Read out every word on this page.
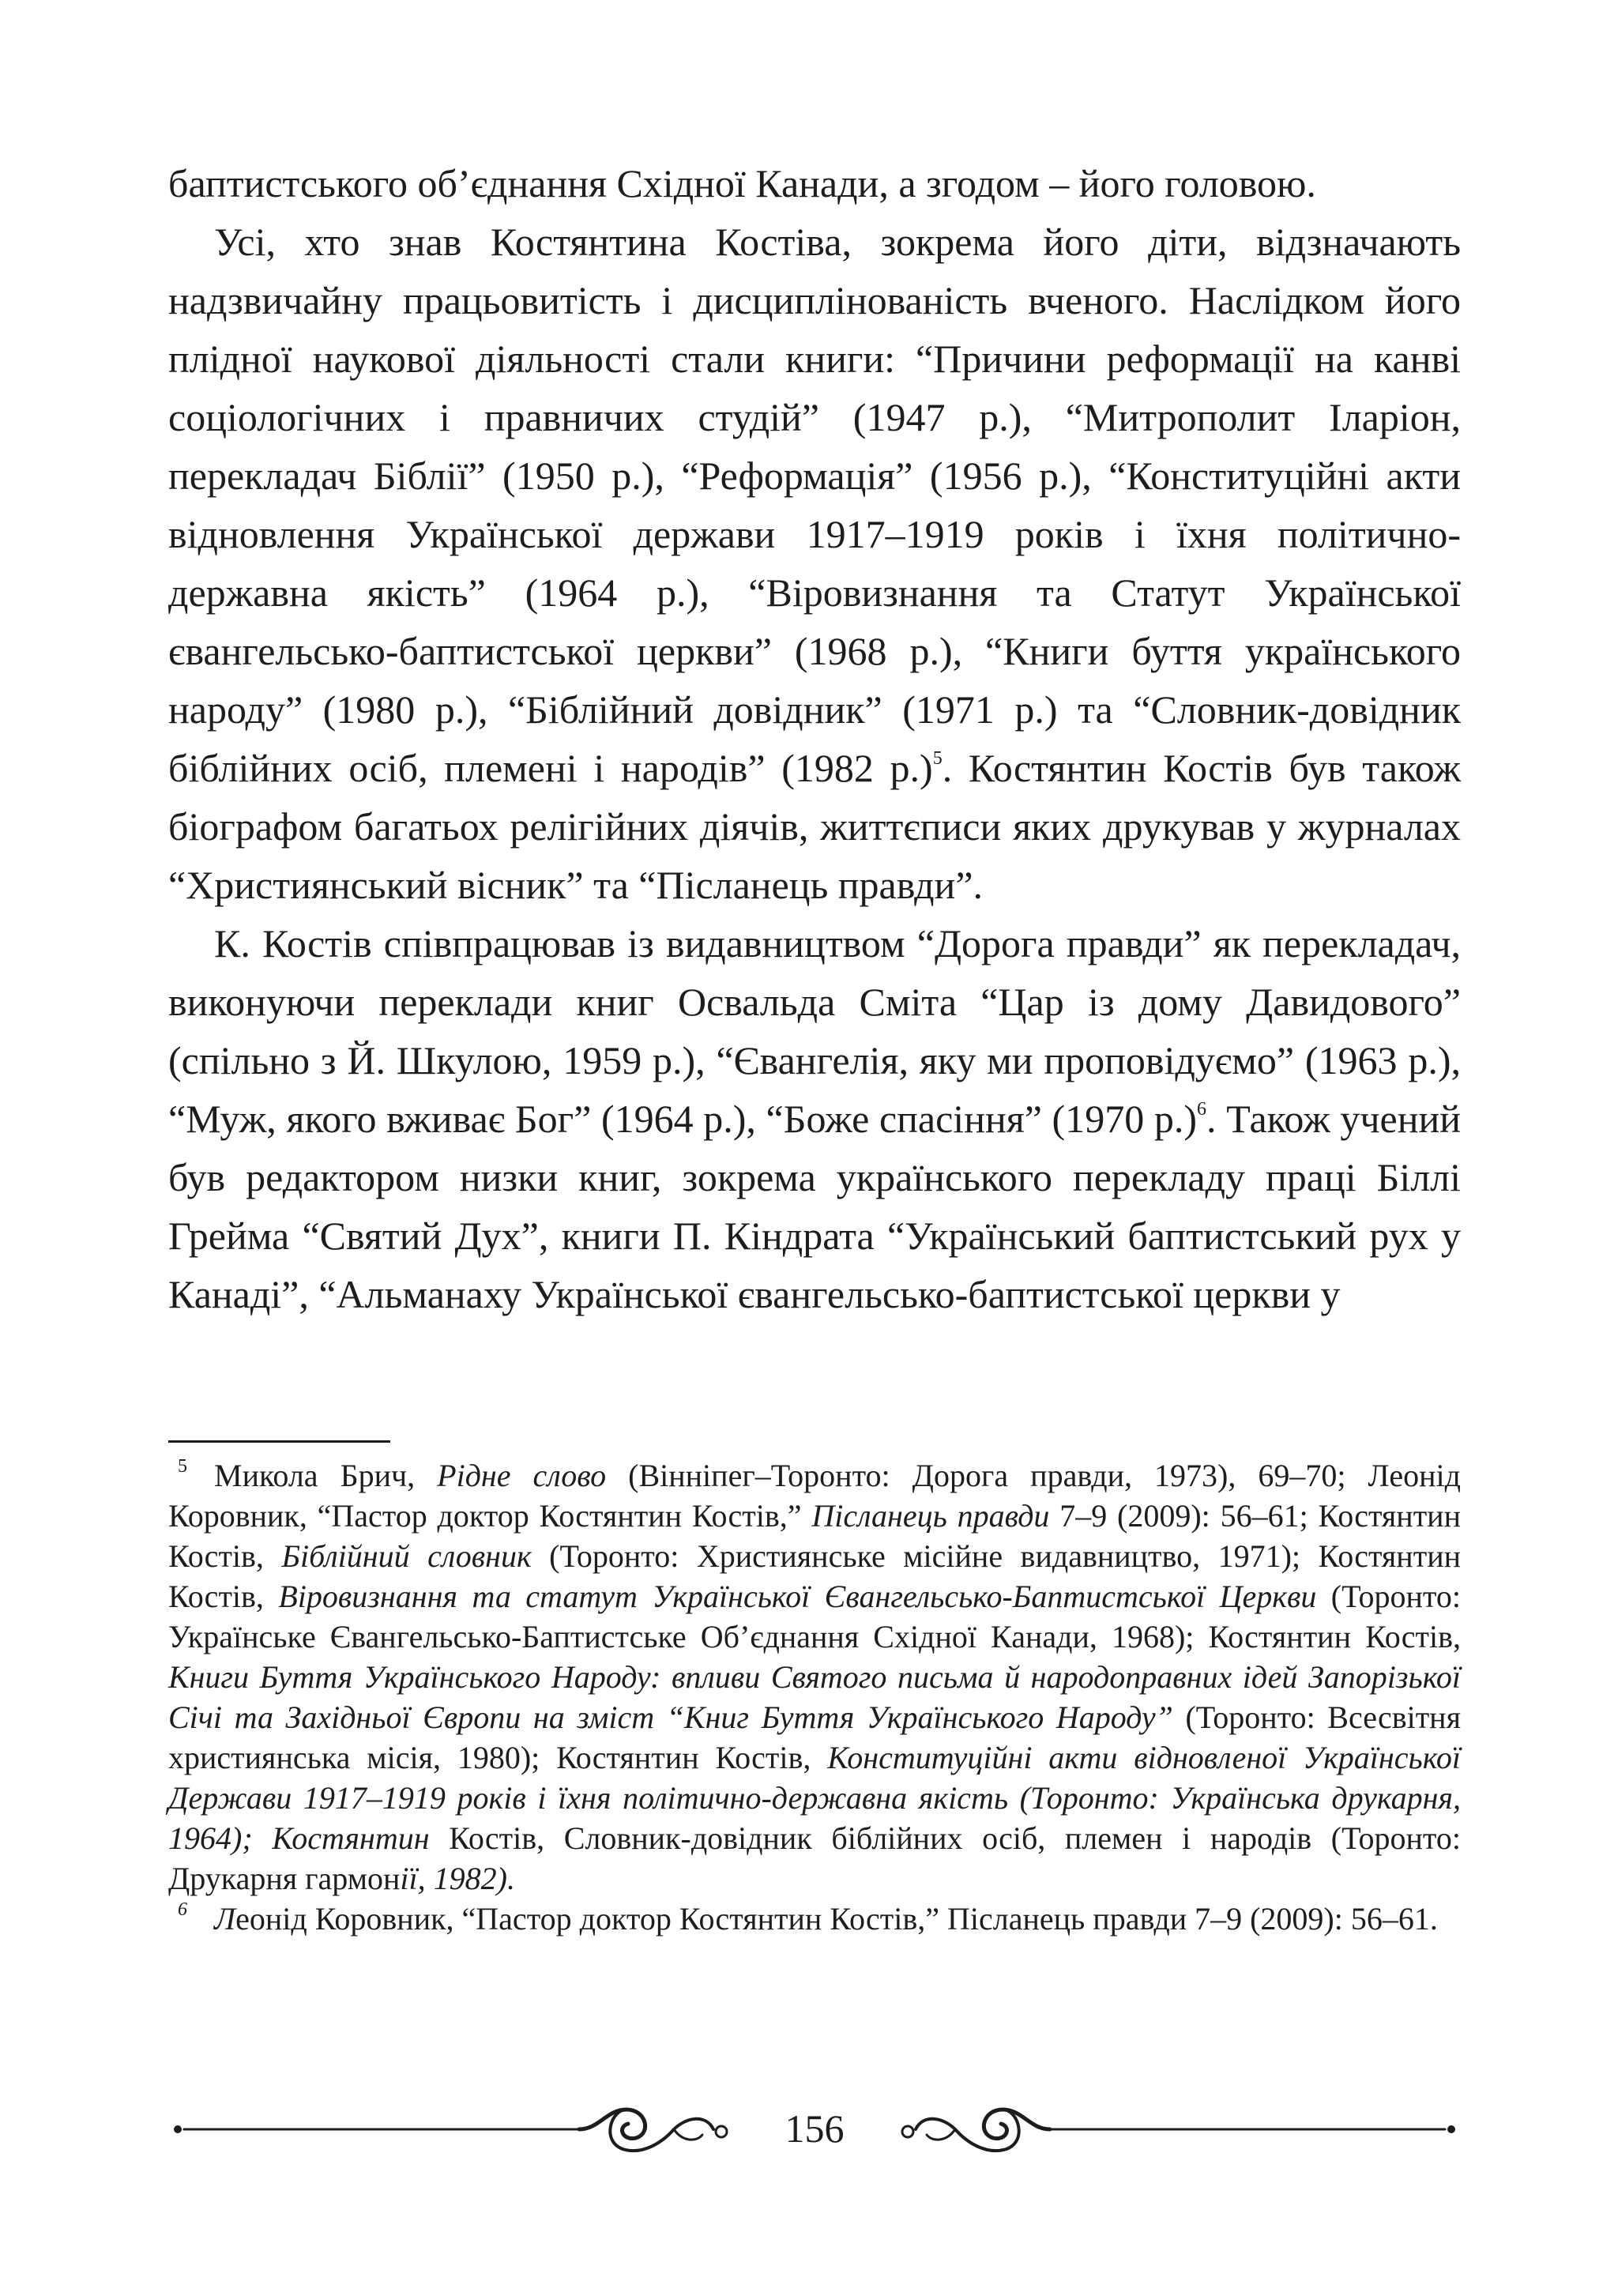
баптистського об’єднання Східної Канади, а згодом – його головою.

Усі, хто знав Костянтина Костіва, зокрема його діти, відзначають надзвичайну працьовитість і дисциплінованість вченого. Наслідком його плідної наукової діяльності стали книги: “Причини реформації на канві соціологічних і правничих студій” (1947 р.), “Митрополит Іларіон, перекладач Біблії” (1950 р.), “Реформація” (1956 р.), “Конституційні акти відновлення Української держави 1917–1919 років і їхня політично-державна якість” (1964 р.), “Віровизнання та Статут Української євангельсько-баптистської церкви” (1968 р.), “Книги буття українського народу” (1980 р.), “Біблійний довідник” (1971 р.) та “Словник-довідник біблійних осіб, племені і народів” (1982 р.)$^5$. Костянтин Костів був також біографом багатьох релігійних діячів, життєписи яких друкував у журналах “Християнський вісник” та “Післанець правди”.

К. Костів співпрацював із видавництвом “Дорога правди” як перекладач, виконуючи переклади книг Освальда Сміта “Цар із дому Давидового” (спільно з Й. Шкулою, 1959 р.), “Євангелія, яку ми проповідуємо” (1963 р.), “Муж, якого вживає Бог” (1964 р.), “Боже спасіння” (1970 р.)$^6$. Також учений був редактором низки книг, зокрема українського перекладу праці Біллі Грейма “Святий Дух”, книги П. Кіндрата “Український баптистський рух у Канаді”, “Альманаху Української євангельсько-баптистської церкви у

5 Микола Брич, Рідне слово (Вінніпег–Торонто: Дорога правди, 1973), 69–70; Леонід Коровник, “Пастор доктор Костянтин Костів,” Післанець правди 7–9 (2009): 56–61; Костянтин Костів, Біблійний словник (Торонто: Християнське місійне видавництво, 1971); Костянтин Костів, Віровизнання та статут Української Євангельсько-Баптистської Церкви (Торонто: Українське Євангельсько-Баптистське Об’єднання Східної Канади, 1968); Костянтин Костів, Книги Буття Українського Народу: впливи Святого письма й народоправних ідей Запорізької Січі та Західньої Європи на зміст “Книг Буття Українського Народу” (Торонто: Всесвітня християнська місія, 1980); Костянтин Костів, Конституційні акти відновленої Української Держави 1917–1919 років і їхня політично-державна якість (Торонто: Українська друкарня, 1964); Костянтин Костів, Словник-довідник біблійних осіб, племен і народів (Торонто: Друкарня гармонії, 1982).

6 Леонід Коровник, “Пастор доктор Костянтин Костів,” Післанець правди 7–9 (2009): 56–61.

156
